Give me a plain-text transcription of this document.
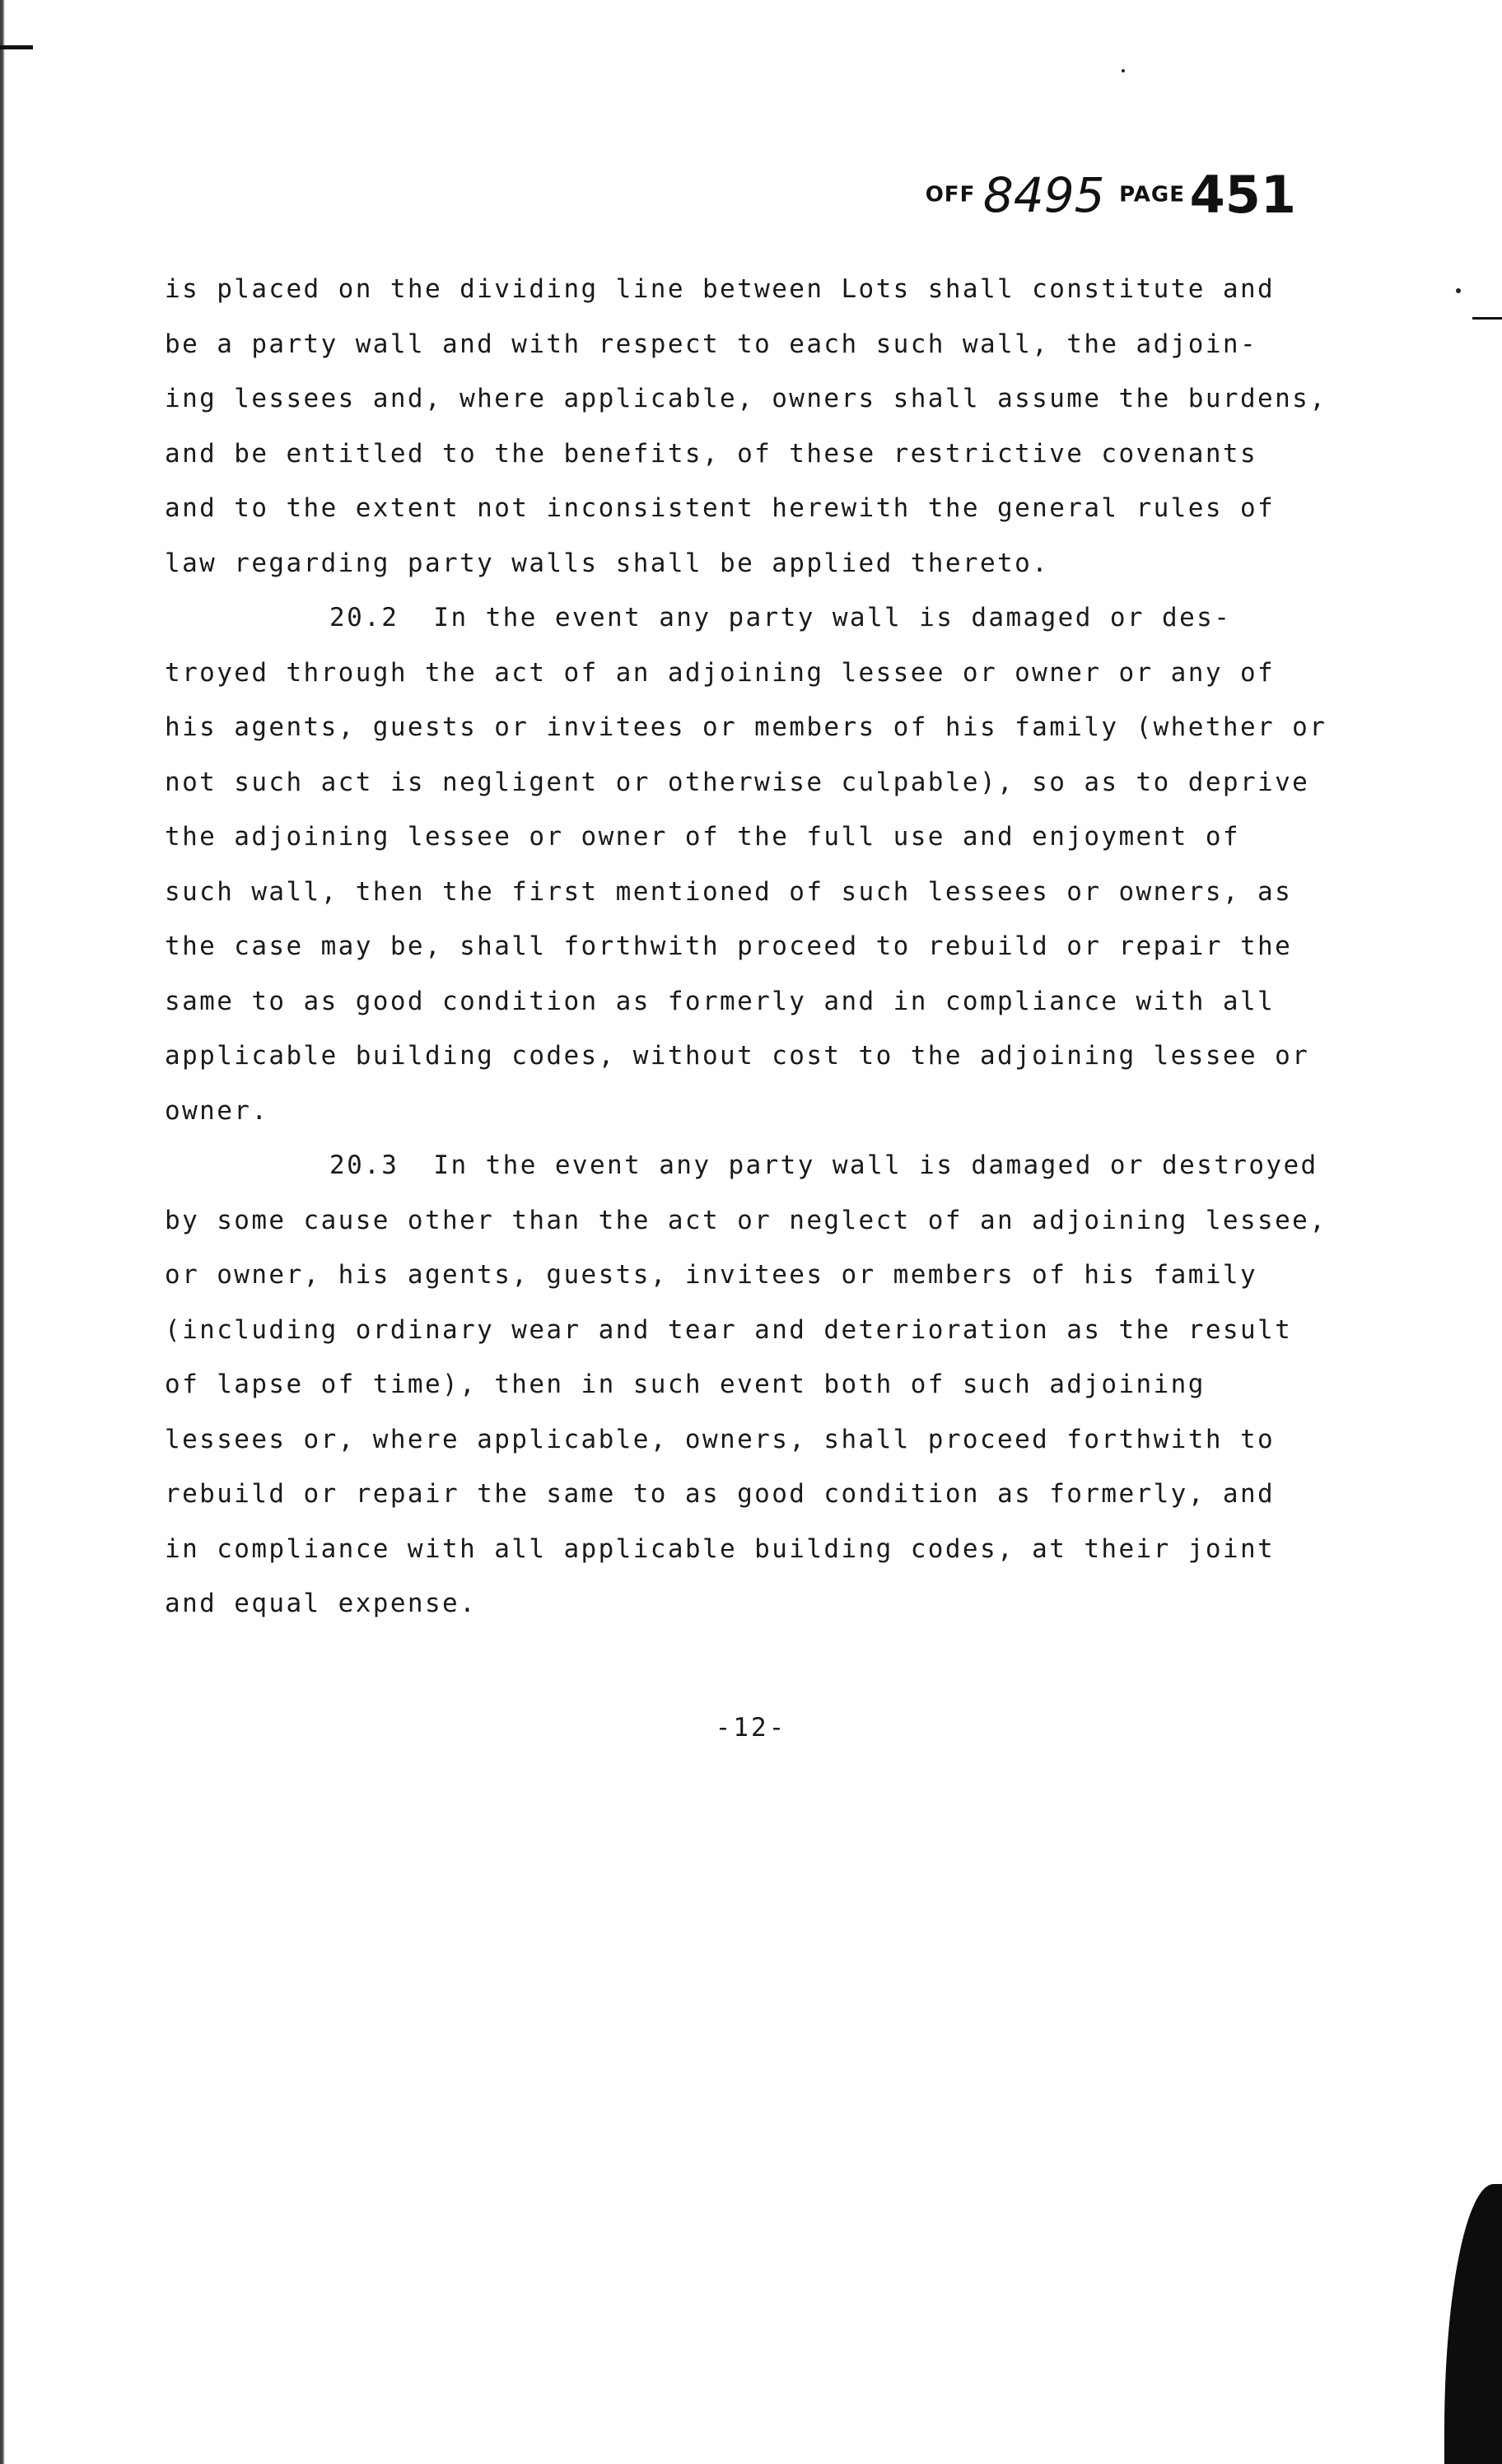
OFF 8495 PAGE 451
is placed on the dividing line between Lots shall constitute and
be a party wall and with respect to each such wall, the adjoin-
ing lessees and, where applicable, owners shall assume the burdens,
and be entitled to the benefits, of these restrictive covenants
and to the extent not inconsistent herewith the general rules of
law regarding party walls shall be applied thereto.
20.2  In the event any party wall is damaged or des-
troyed through the act of an adjoining lessee or owner or any of
his agents, guests or invitees or members of his family (whether or
not such act is negligent or otherwise culpable), so as to deprive
the adjoining lessee or owner of the full use and enjoyment of
such wall, then the first mentioned of such lessees or owners, as
the case may be, shall forthwith proceed to rebuild or repair the
same to as good condition as formerly and in compliance with all
applicable building codes, without cost to the adjoining lessee or
owner.
20.3  In the event any party wall is damaged or destroyed
by some cause other than the act or neglect of an adjoining lessee,
or owner, his agents, guests, invitees or members of his family
(including ordinary wear and tear and deterioration as the result
of lapse of time), then in such event both of such adjoining
lessees or, where applicable, owners, shall proceed forthwith to
rebuild or repair the same to as good condition as formerly, and
in compliance with all applicable building codes, at their joint
and equal expense.
-12-
